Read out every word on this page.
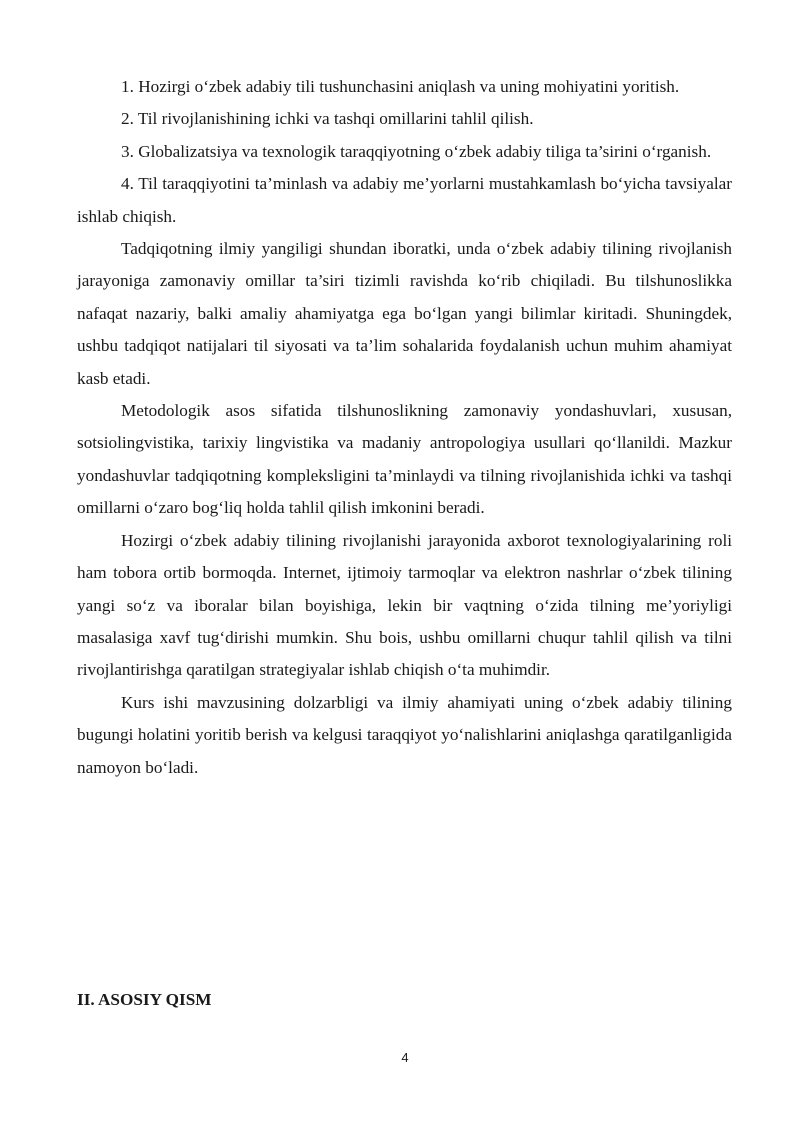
1. Hozirgi o‘zbek adabiy tili tushunchasini aniqlash va uning mohiyatini yoritish.

2. Til rivojlanishining ichki va tashqi omillarini tahlil qilish.

3. Globalizatsiya va texnologik taraqqiyotning o‘zbek adabiy tiliga ta’sirini o‘rganish.

4. Til taraqqiyotini ta’minlash va adabiy me’yorlarni mustahkamlash bo‘yicha tavsiyalar ishlab chiqish.

Tadqiqotning ilmiy yangiligi shundan iboratki, unda o‘zbek adabiy tilining rivojlanish jarayoniga zamonaviy omillar ta’siri tizimli ravishda ko‘rib chiqiladi. Bu tilshunoslikka nafaqat nazariy, balki amaliy ahamiyatga ega bo‘lgan yangi bilimlar kiritadi. Shuningdek, ushbu tadqiqot natijalari til siyosati va ta’lim sohalarida foydalanish uchun muhim ahamiyat kasb etadi.

Metodologik asos sifatida tilshunoslikning zamonaviy yondashuvlari, xususan, sotsiolingvistika, tarixiy lingvistika va madaniy antropologiya usullari qo‘llanildi. Mazkur yondashuvlar tadqiqotning kompleksligini ta’minlaydi va tilning rivojlanishida ichki va tashqi omillarni o‘zaro bog‘liq holda tahlil qilish imkonini beradi.

Hozirgi o‘zbek adabiy tilining rivojlanishi jarayonida axborot texnologiyalarining roli ham tobora ortib bormoqda. Internet, ijtimoiy tarmoqlar va elektron nashrlar o‘zbek tilining yangi so‘z va iboralar bilan boyishiga, lekin bir vaqtning o‘zida tilning me’yoriyligi masalasiga xavf tug‘dirishi mumkin. Shu bois, ushbu omillarni chuqur tahlil qilish va tilni rivojlantirishga qaratilgan strategiyalar ishlab chiqish o‘ta muhimdir.

Kurs ishi mavzusining dolzarbligi va ilmiy ahamiyati uning o‘zbek adabiy tilining bugungi holatini yoritib berish va kelgusi taraqqiyot yo‘nalishlarini aniqlashga qaratilganligida namoyon bo‘ladi.

II. ASOSIY QISM
4
